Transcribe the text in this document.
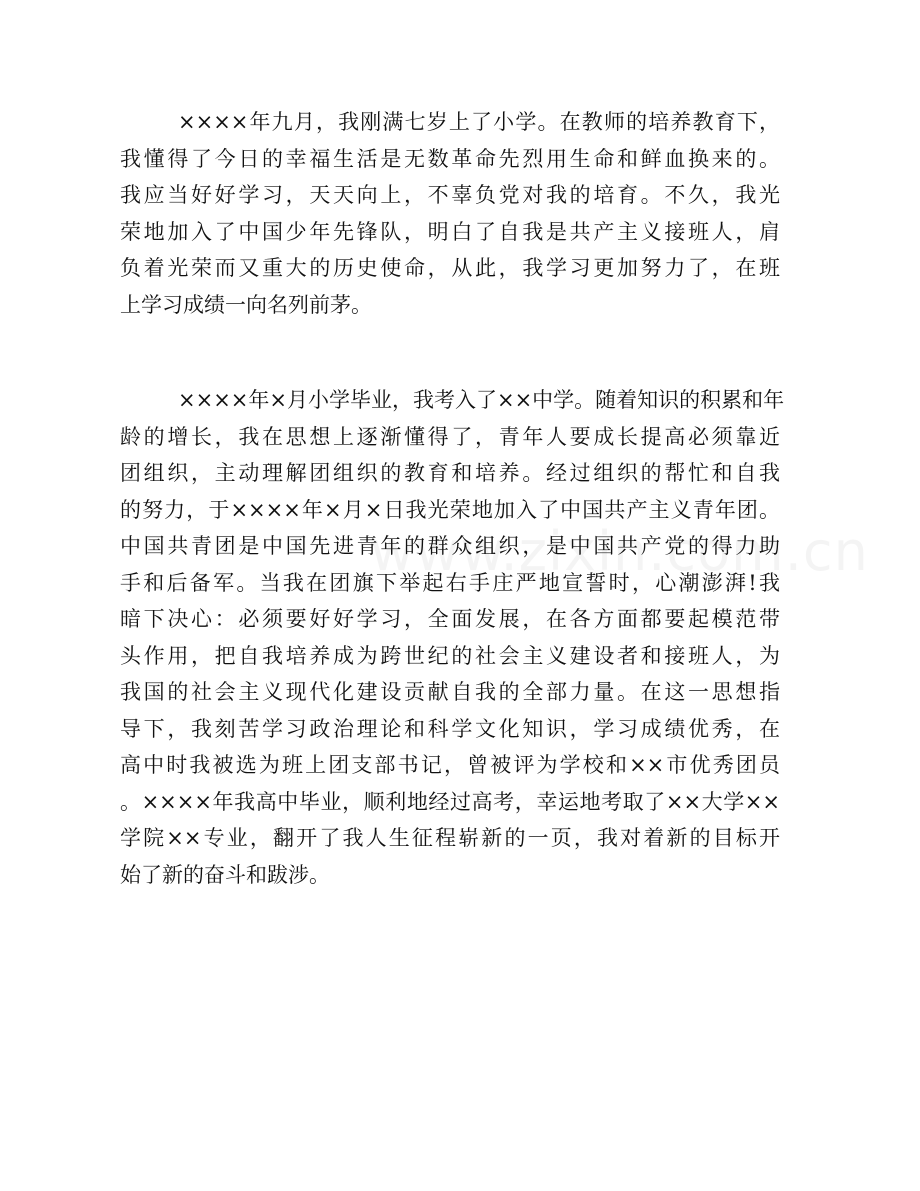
××××年九月，我刚满七岁上了小学。在教师的培养教育下，
我懂得了今日的幸福生活是无数革命先烈用生命和鲜血换来的。
我应当好好学习，天天向上，不辜负党对我的培育。不久，我光
荣地加入了中国少年先锋队，明白了自我是共产主义接班人，肩
负着光荣而又重大的历史使命，从此，我学习更加努力了，在班
上学习成绩一向名列前茅。
××××年×月小学毕业，我考入了××中学。随着知识的积累和年
龄的增长，我在思想上逐渐懂得了，青年人要成长提高必须靠近
团组织，主动理解团组织的教育和培养。经过组织的帮忙和自我
的努力，于××××年×月×日我光荣地加入了中国共产主义青年团。
中国共青团是中国先进青年的群众组织，是中国共产党的得力助
手和后备军。当我在团旗下举起右手庄严地宣誓时，心潮澎湃!我
暗下决心：必须要好好学习，全面发展，在各方面都要起模范带
头作用，把自我培养成为跨世纪的社会主义建设者和接班人，为
我国的社会主义现代化建设贡献自我的全部力量。在这一思想指
导下，我刻苦学习政治理论和科学文化知识，学习成绩优秀，在
高中时我被选为班上团支部书记，曾被评为学校和××市优秀团员
。××××年我高中毕业，顺利地经过高考，幸运地考取了××大学××
学院××专业，翻开了我人生征程崭新的一页，我对着新的目标开
始了新的奋斗和跋涉。
